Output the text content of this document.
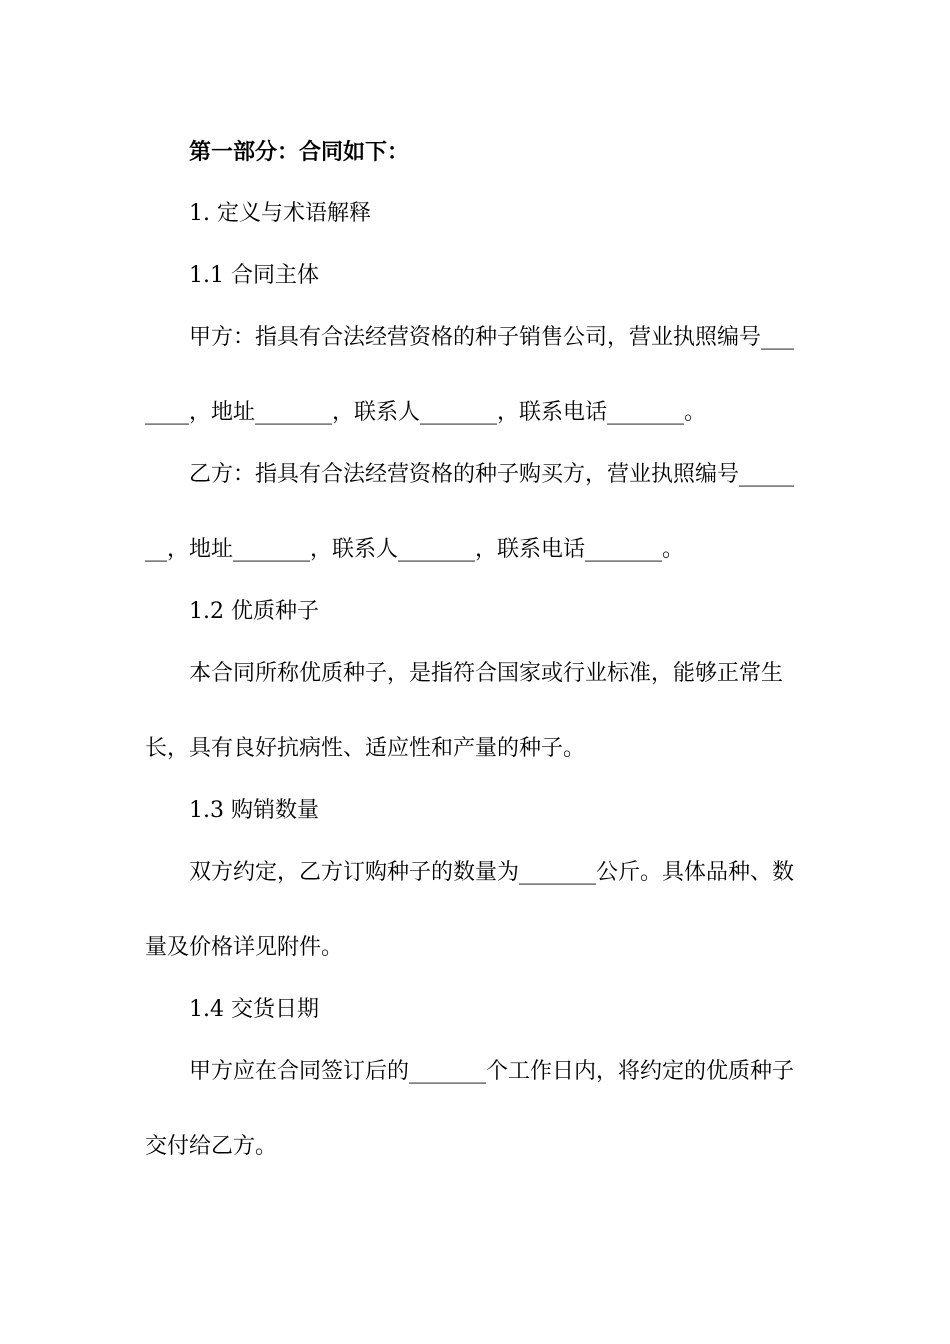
第一部分：合同如下：
1. 定义与术语解释
1.1 合同主体
甲方：指具有合法经营资格的种子销售公司，营业执照编号___
____，地址_______，联系人_______，联系电话_______。
乙方：指具有合法经营资格的种子购买方，营业执照编号_____
__，地址_______，联系人_______，联系电话_______。
1.2 优质种子
本合同所称优质种子，是指符合国家或行业标准，能够正常生
长，具有良好抗病性、适应性和产量的种子。
1.3 购销数量
双方约定，乙方订购种子的数量为_______公斤。具体品种、数
量及价格详见附件。
1.4 交货日期
甲方应在合同签订后的_______个工作日内，将约定的优质种子
交付给乙方。
